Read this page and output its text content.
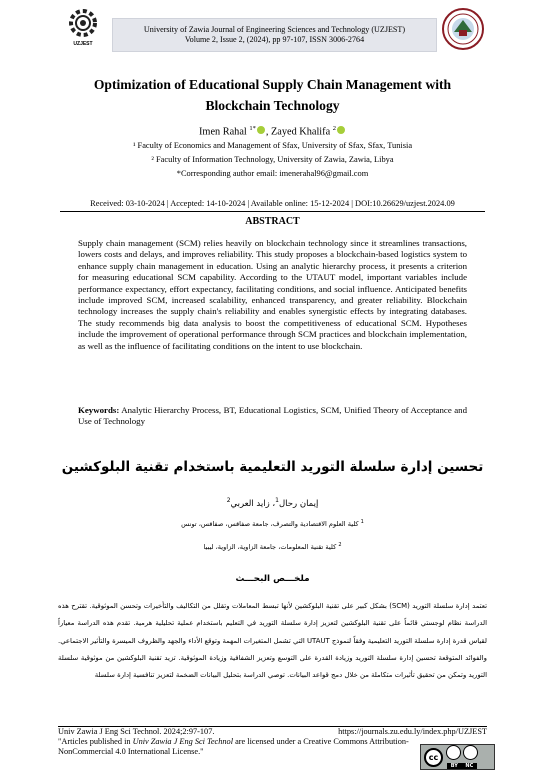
UZJEST
University of Zawia Journal of Engineering Sciences and Technology (UZJEST)
Volume 2, Issue 2, (2024), pp 97-107, ISSN 3006-2764
Optimization of Educational Supply Chain Management with
Blockchain Technology
Imen Rahal $^{1*}$ , Zayed Khalifa $^2$
¹ Faculty of Economics and Management of Sfax, University of Sfax, Sfax, Tunisia
² Faculty of Information Technology, University of Zawia, Zawia, Libya
*Corresponding author email: imenerahal96@gmail.com
Received: 03-10-2024 | Accepted: 14-10-2024 | Available online: 15-12-2024 | DOI:10.26629/uzjest.2024.09
ABSTRACT
Supply chain management (SCM) relies heavily on blockchain technology since it streamlines transactions, lowers costs and delays, and improves reliability. This study proposes a blockchain-based logistics system to enhance supply chain management in education. Using an analytic hierarchy process, it presents a criterion for measuring educational SCM capability. According to the UTAUT model, important variables include performance expectancy, effort expectancy, facilitating conditions, and social influence. Anticipated benefits include improved SCM, increased scalability, enhanced transparency, and greater reliability. Blockchain technology increases the supply chain's reliability and enables synergistic effects by integrating databases. The study recommends big data analysis to boost the competitiveness of educational SCM. Hypotheses include the improvement of operational performance through SCM practices and blockchain implementation, as well as the influence of facilitating conditions on the intent to use blockchain.
Keywords: Analytic Hierarchy Process, BT, Educational Logistics, SCM, Unified Theory of Acceptance and Use of Technology
تحسين إدارة سلسلة التوريد التعليمية باستخدام تقنية البلوكشين
إيمان رحال$^1$، زايد العربي$^2$
$^1$ كلية العلوم الاقتصادية والتصرف، جامعة صفاقس، صفاقس، تونس
$^2$ كلية تقنية المعلومات، جامعة الزاوية، الزاوية، ليبيا
ملخـــص البحـــث
تعتمد إدارة سلسلة التوريد (SCM) بشكل كبير على تقنية البلوكشين لأنها تبسط المعاملات وتقلل من التكاليف والتأخيرات وتحسن الموثوقية. تقترح هذه الدراسة نظام لوجستي قائماً على تقنية البلوكشين لتعزيز إدارة سلسلة التوريد في التعليم باستخدام عملية تحليلية هرمية. تقدم هذه الدراسة معياراً لقياس قدرة إدارة سلسلة التوريد التعليمية وفقاً لنموذج UTAUT التي تشمل المتغيرات المهمة وتوقع الأداء والجهد والظروف الميسرة والتأثير الاجتماعي. والفوائد المتوقعة تحسين إدارة سلسلة التوريد وزيادة القدرة على التوسع وتعزيز الشفافية وزيادة الموثوقية. تزيد تقنية البلوكشين من موثوقية سلسلة التوريد وتمكن من تحقيق تأثيرات متكاملة من خلال دمج قواعد البيانات. توصي الدراسة بتحليل البيانات الضخمة لتعزيز تنافسية إدارة سلسلة
Univ Zawia J Eng Sci Technol. 2024;2:97-107.	https://journals.zu.edu.ly/index.php/UZJEST
"Articles published in Univ Zawia J Eng Sci Technol are licensed under a Creative Commons Attribution-NonCommercial 4.0 International License."
cc
BY NC
